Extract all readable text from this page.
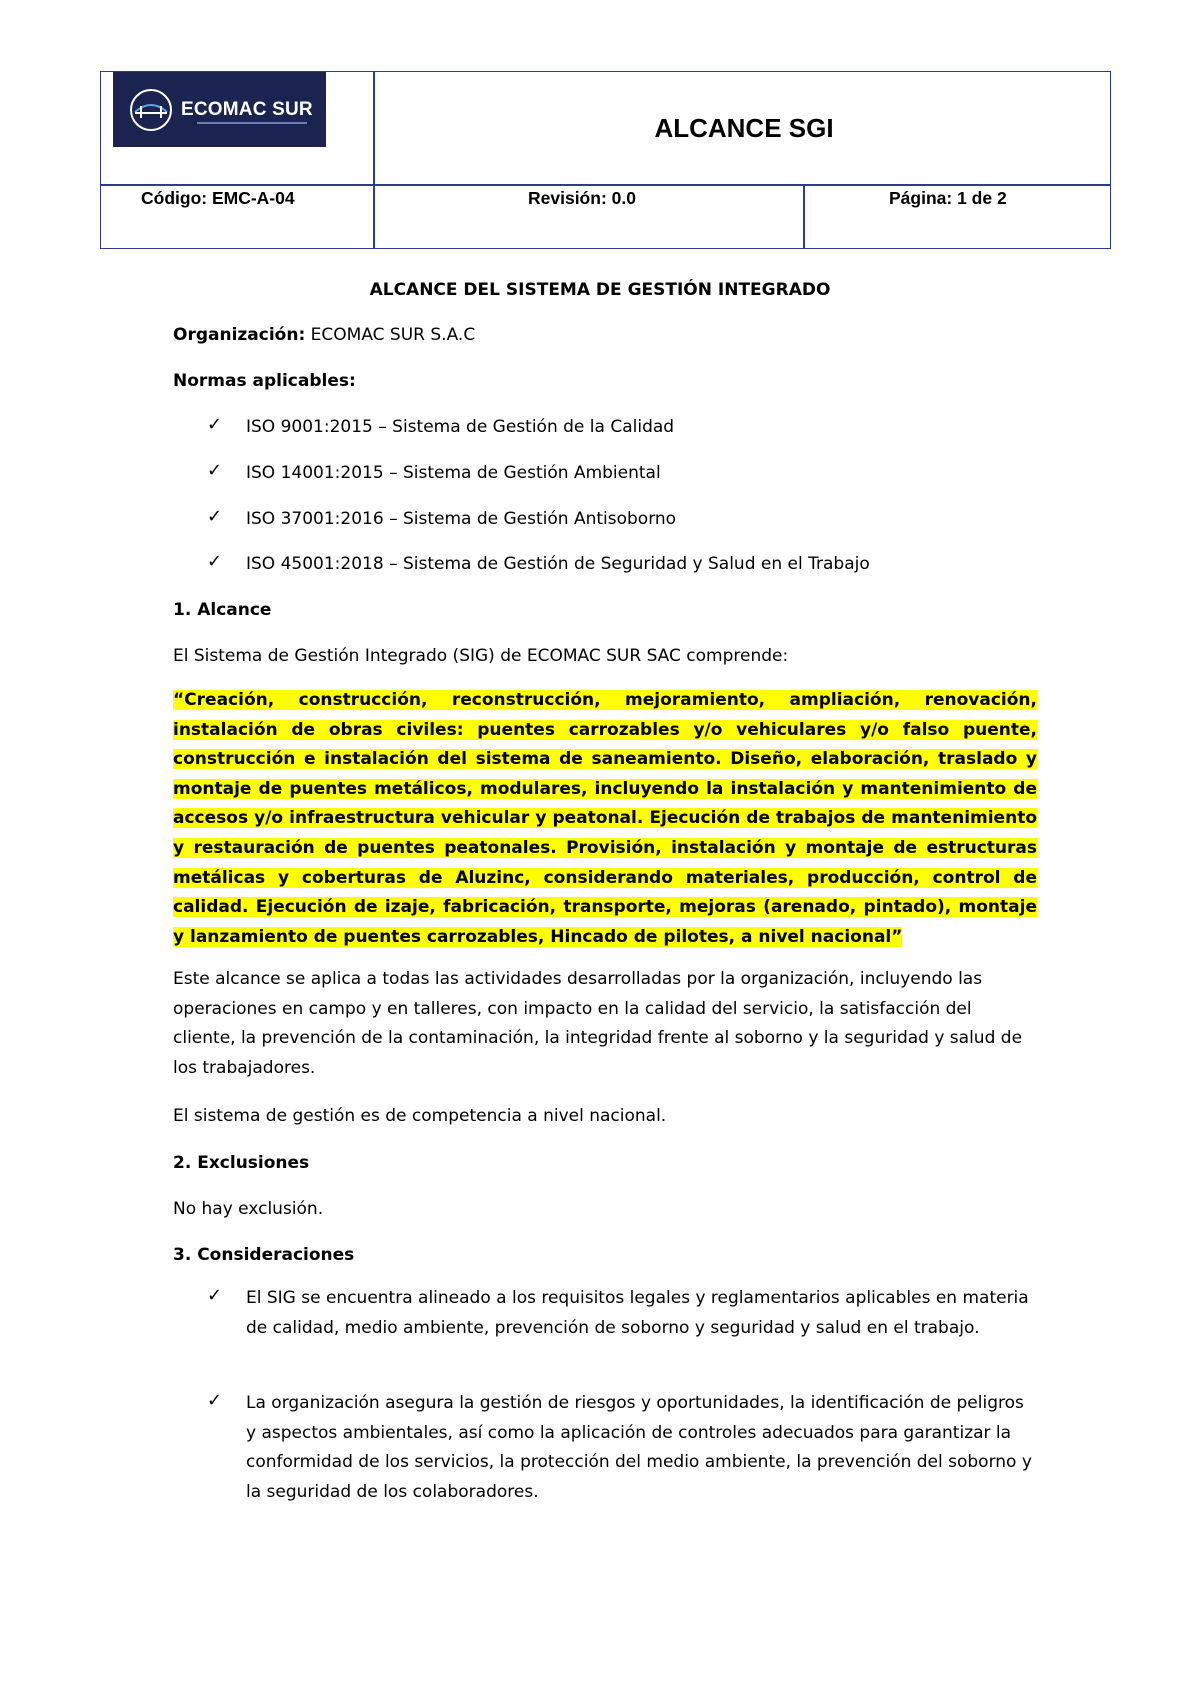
ECOMAC SUR
ALCANCE SGI
Código: EMC-A-04	Revisión: 0.0	Página: 1 de 2
ALCANCE DEL SISTEMA DE GESTIÓN INTEGRADO
Organización: ECOMAC SUR S.A.C
Normas aplicables:
✓ ISO 9001:2015 – Sistema de Gestión de la Calidad
✓ ISO 14001:2015 – Sistema de Gestión Ambiental
✓ ISO 37001:2016 – Sistema de Gestión Antisoborno
✓ ISO 45001:2018 – Sistema de Gestión de Seguridad y Salud en el Trabajo
1. Alcance
El Sistema de Gestión Integrado (SIG) de ECOMAC SUR SAC comprende:
“Creación, construcción, reconstrucción, mejoramiento, ampliación, renovación, instalación de obras civiles: puentes carrozables y/o vehiculares y/o falso puente, construcción e instalación del sistema de saneamiento. Diseño, elaboración, traslado y montaje de puentes metálicos, modulares, incluyendo la instalación y mantenimiento de accesos y/o infraestructura vehicular y peatonal. Ejecución de trabajos de mantenimiento y restauración de puentes peatonales. Provisión, instalación y montaje de estructuras metálicas y coberturas de Aluzinc, considerando materiales, producción, control de calidad. Ejecución de izaje, fabricación, transporte, mejoras (arenado, pintado), montaje y lanzamiento de puentes carrozables, Hincado de pilotes, a nivel nacional”
Este alcance se aplica a todas las actividades desarrolladas por la organización, incluyendo las operaciones en campo y en talleres, con impacto en la calidad del servicio, la satisfacción del cliente, la prevención de la contaminación, la integridad frente al soborno y la seguridad y salud de los trabajadores.
El sistema de gestión es de competencia a nivel nacional.
2. Exclusiones
No hay exclusión.
3. Consideraciones
✓ El SIG se encuentra alineado a los requisitos legales y reglamentarios aplicables en materia de calidad, medio ambiente, prevención de soborno y seguridad y salud en el trabajo.
✓ La organización asegura la gestión de riesgos y oportunidades, la identificación de peligros y aspectos ambientales, así como la aplicación de controles adecuados para garantizar la conformidad de los servicios, la protección del medio ambiente, la prevención del soborno y la seguridad de los colaboradores.
